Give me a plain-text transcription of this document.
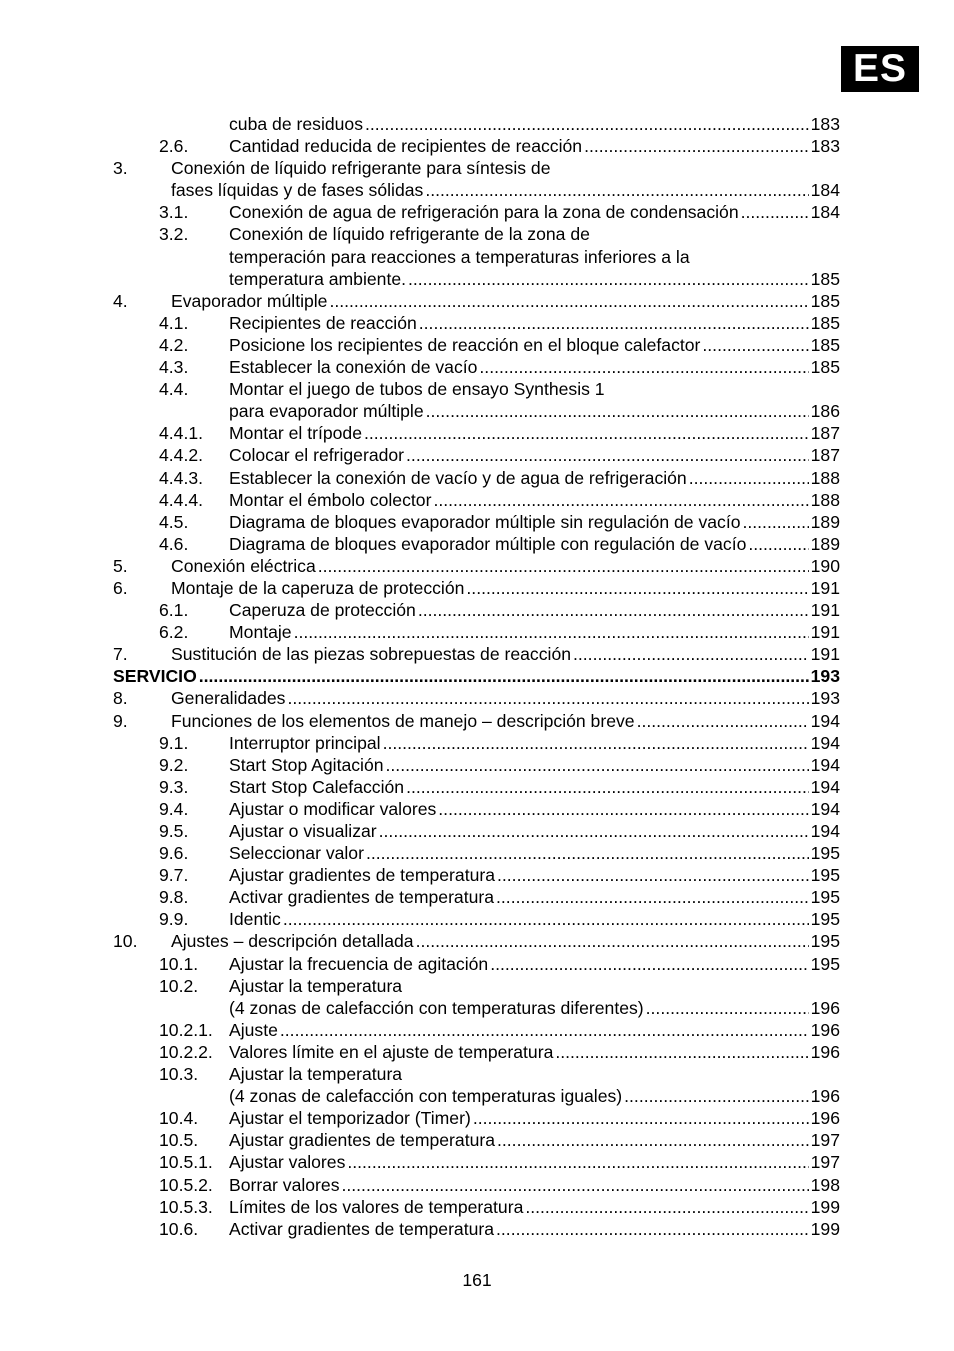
ES
cuba de residuos .....	183
2.6. Cantidad reducida de recipientes de reacción .....	183
3. Conexión de líquido refrigerante para síntesis de
fases líquidas y de fases sólidas .....	184
3.1. Conexión de agua de refrigeración para la zona de condensación .....	184
3.2. Conexión de líquido refrigerante de la zona de
temperación para reacciones a temperaturas inferiores a la
temperatura ambiente. .....	185
4. Evaporador múltiple .....	185
4.1. Recipientes de reacción .....	185
4.2. Posicione los recipientes de reacción en el bloque calefactor .....	185
4.3. Establecer la conexión de vacío .....	185
4.4. Montar el juego de tubos de ensayo Synthesis 1
para evaporador múltiple .....	186
4.4.1. Montar el trípode .....	187
4.4.2. Colocar el refrigerador .....	187
4.4.3. Establecer la conexión de vacío y de agua de refrigeración .....	188
4.4.4. Montar el émbolo colector .....	188
4.5. Diagrama de bloques evaporador múltiple sin regulación de vacío .....	189
4.6. Diagrama de bloques evaporador múltiple con regulación de vacío .....	189
5. Conexión eléctrica .....	190
6. Montaje de la caperuza de protección .....	191
6.1. Caperuza de protección .....	191
6.2. Montaje .....	191
7. Sustitución de las piezas sobrepuestas de reacción .....	191
SERVICIO .....	193
8. Generalidades .....	193
9. Funciones de los elementos de manejo – descripción breve .....	194
9.1. Interruptor principal .....	194
9.2. Start Stop Agitación .....	194
9.3. Start Stop Calefacción .....	194
9.4. Ajustar o modificar valores .....	194
9.5. Ajustar o visualizar .....	194
9.6. Seleccionar valor .....	195
9.7. Ajustar gradientes de temperatura .....	195
9.8. Activar gradientes de temperatura .....	195
9.9. Identic .....	195
10. Ajustes – descripción detallada .....	195
10.1. Ajustar la frecuencia de agitación .....	195
10.2. Ajustar la temperatura
(4 zonas de calefacción con temperaturas diferentes) .....	196
10.2.1. Ajuste .....	196
10.2.2. Valores límite en el ajuste de temperatura .....	196
10.3. Ajustar la temperatura
(4 zonas de calefacción con temperaturas iguales) .....	196
10.4. Ajustar el temporizador (Timer) .....	196
10.5. Ajustar gradientes de temperatura .....	197
10.5.1. Ajustar valores .....	197
10.5.2. Borrar valores .....	198
10.5.3. Límites de los valores de temperatura .....	199
10.6. Activar gradientes de temperatura .....	199
161
